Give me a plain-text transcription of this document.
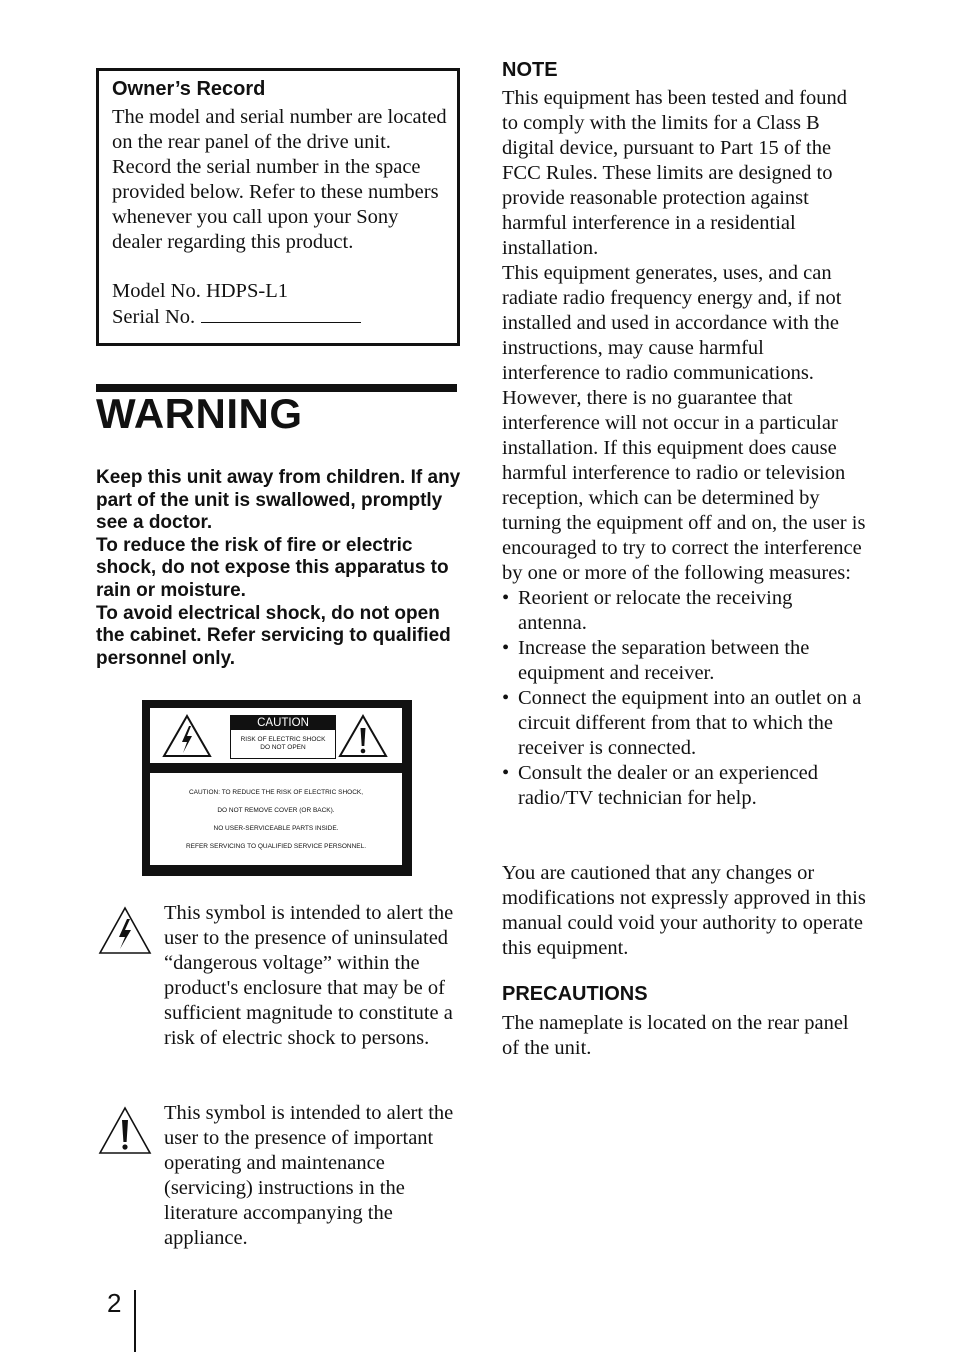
Owner’s Record
The model and serial number are located on the rear panel of the drive unit. Record the serial number in the space provided below. Refer to these numbers whenever you call upon your Sony dealer regarding this product.
Model No. HDPS-L1
Serial No.
WARNING

Keep this unit away from children. If any part of the unit is swallowed, promptly see a doctor.

To reduce the risk of fire or electric shock, do not expose this apparatus to rain or moisture.

To avoid electrical shock, do not open the cabinet. Refer servicing to qualified personnel only.

CAUTION
RISK OF ELECTRIC SHOCK
DO NOT OPEN
CAUTION: TO REDUCE THE RISK OF ELECTRIC SHOCK,
DO NOT REMOVE COVER (OR BACK).
NO USER-SERVICEABLE PARTS INSIDE.
REFER SERVICING TO QUALIFIED SERVICE PERSONNEL.
This symbol is intended to alert the user to the presence of uninsulated “dangerous voltage” within the product's enclosure that may be of sufficient magnitude to constitute a risk of electric shock to persons.
This symbol is intended to alert the user to the presence of important operating and maintenance (servicing) instructions in the literature accompanying the appliance.
NOTE

This equipment has been tested and found to comply with the limits for a Class B digital device, pursuant to Part 15 of the FCC Rules. These limits are designed to provide reasonable protection against harmful interference in a residential installation.

This equipment generates, uses, and can radiate radio frequency energy and, if not installed and used in accordance with the instructions, may cause harmful interference to radio communications. However, there is no guarantee that interference will not occur in a particular installation. If this equipment does cause harmful interference to radio or television reception, which can be determined by turning the equipment off and on, the user is encouraged to try to correct the interference by one or more of the following measures:

• Reorient or relocate the receiving antenna.
• Increase the separation between the equipment and receiver.
• Connect the equipment into an outlet on a circuit different from that to which the receiver is connected.
• Consult the dealer or an experienced radio/TV technician for help.
You are cautioned that any changes or modifications not expressly approved in this manual could void your authority to operate this equipment.
PRECAUTIONS
The nameplate is located on the rear panel of the unit.
2
